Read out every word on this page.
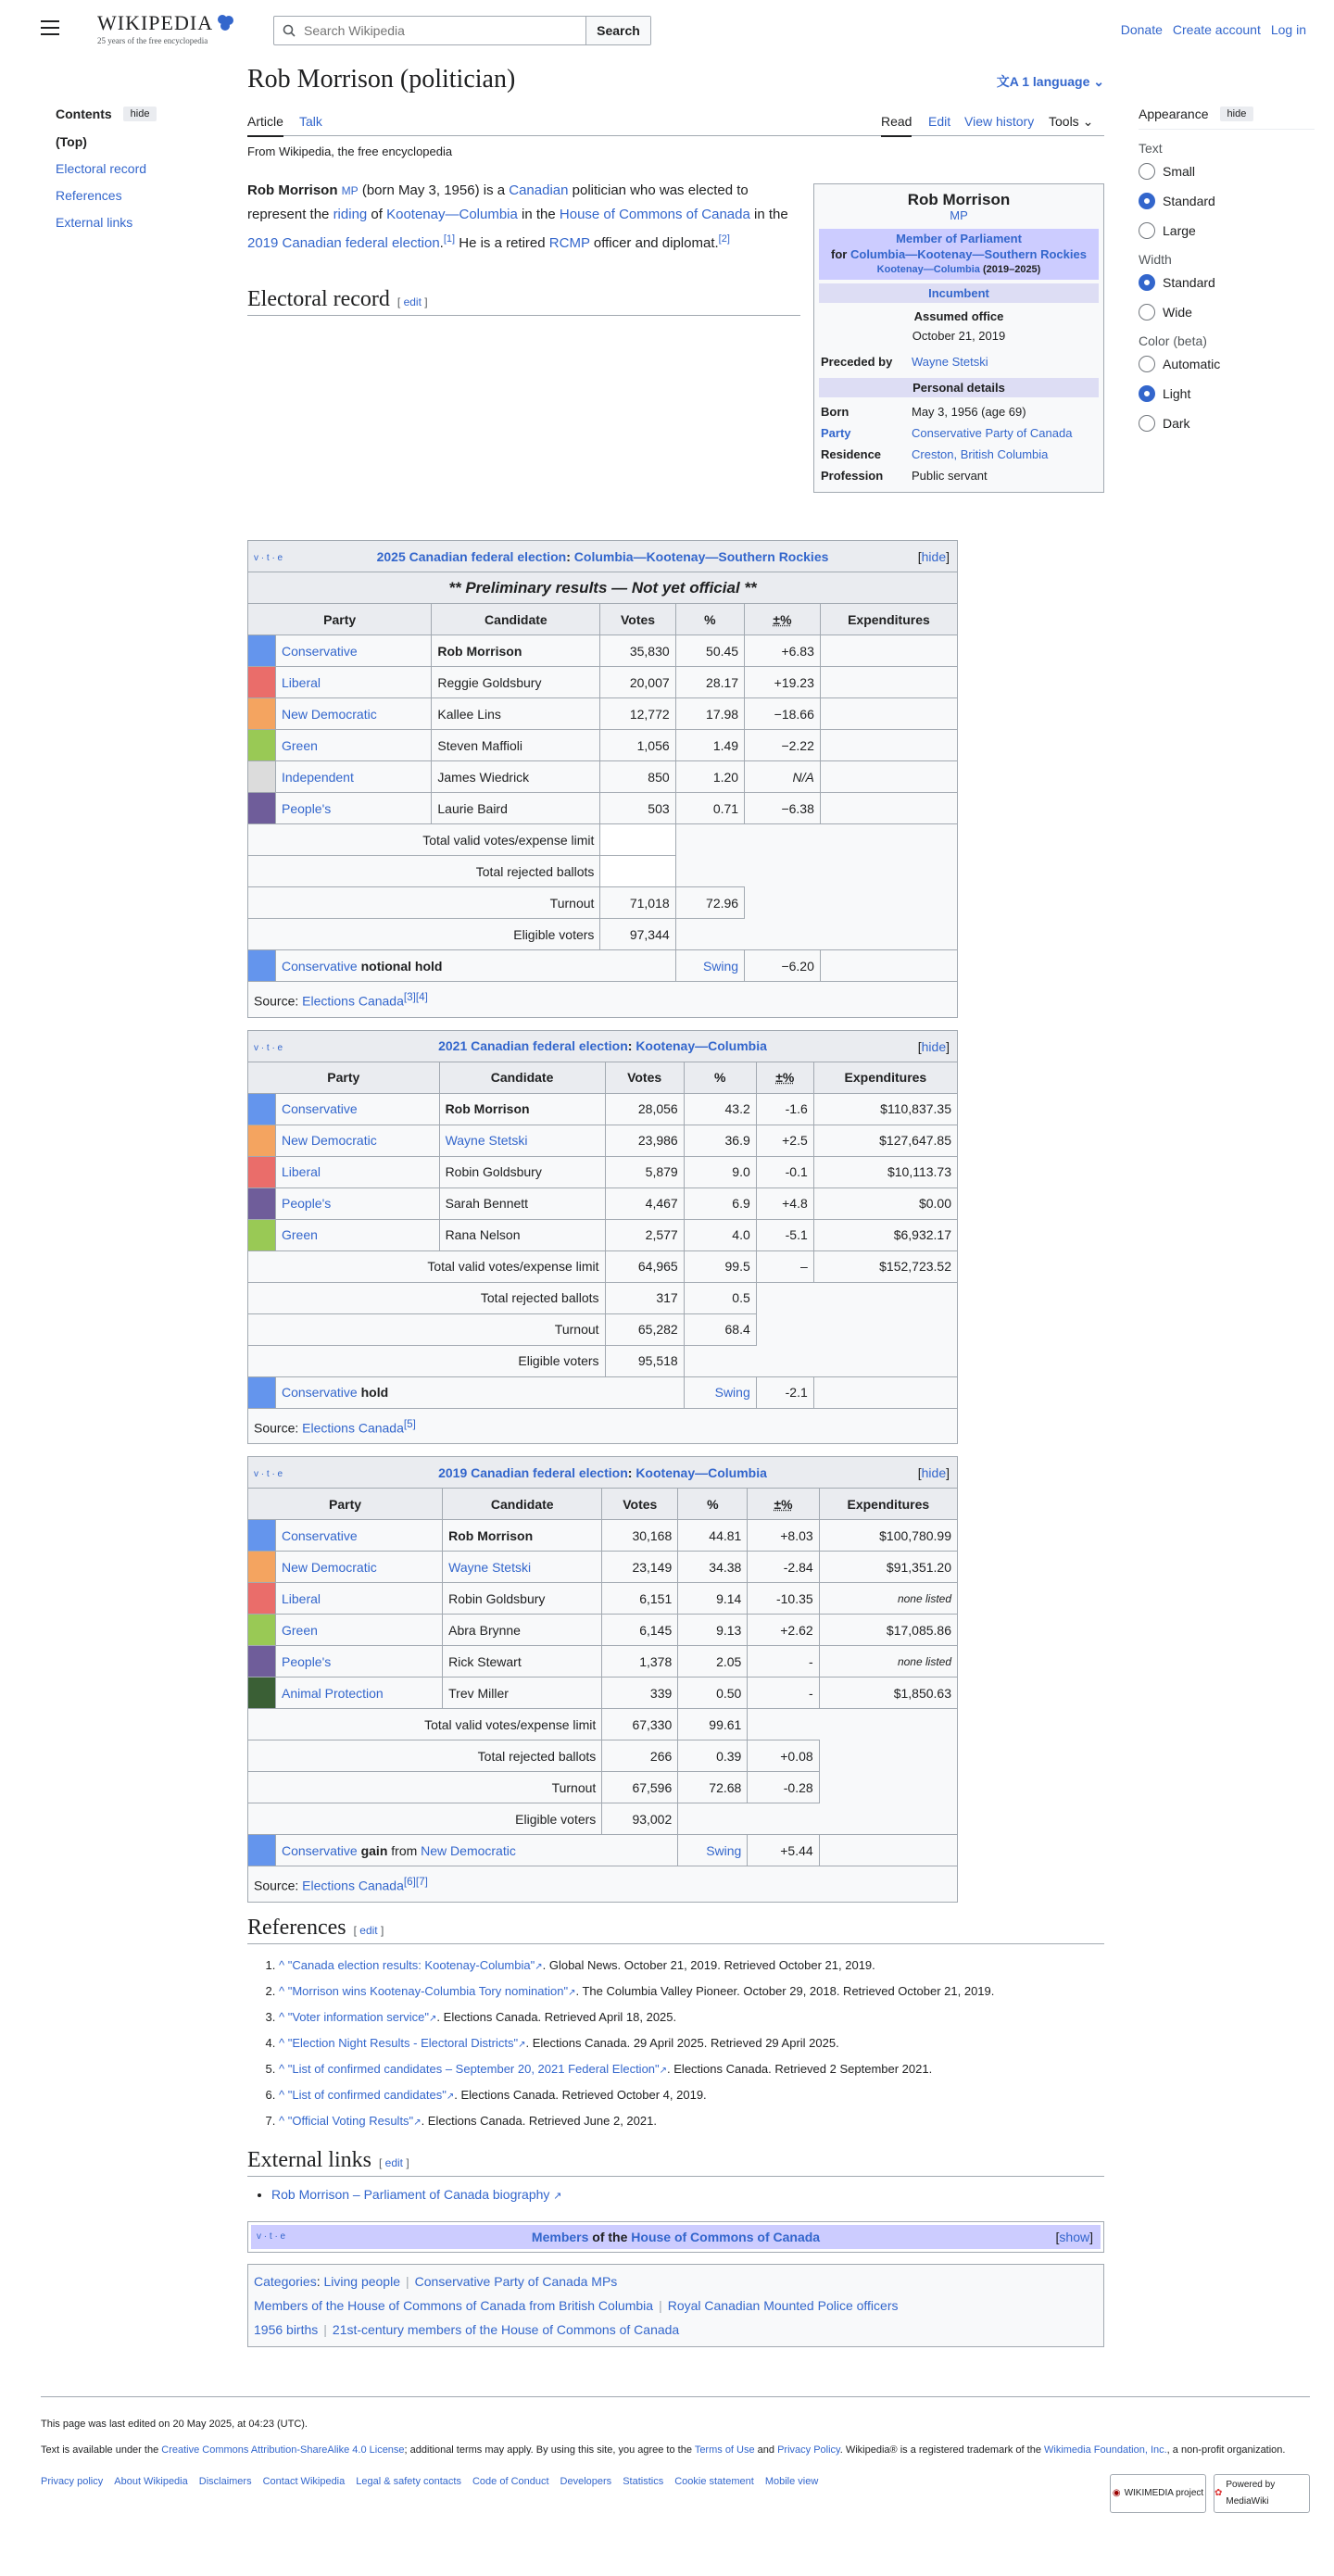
WIKIPEDIA
25 years of the free encyclopedia
Search Wikipedia
Search	Donate Create account Log in
Contents	hide
(Top)
Electoral record
References
External links
Rob Morrison (politician)	文A 1 language ⌄
Article Talk	Read Edit View history Tools ⌄
From Wikipedia, the free encyclopedia
Rob Morrison
MP
Member of Parliament
for Columbia—Kootenay—Southern Rockies
Kootenay—Columbia (2019–2025)
Incumbent
Assumed office
October 21, 2019
Preceded by	Wayne Stetski
Personal details
Born	May 3, 1956 (age 69)
Party	Conservative Party of Canada
Residence	Creston, British Columbia
Profession	Public servant

Rob Morrison MP (born May 3, 1956) is a Canadian politician who was elected to represent the riding of Kootenay—Columbia in the House of Commons of Canada in the 2019 Canadian federal election.[1] He is a retired RCMP officer and diplomat.[2]

Electoral record [ edit ]
v · t · e 2025 Canadian federal election: Columbia—Kootenay—Southern Rockies [hide]						

** Preliminary results — Not yet official **						
Party		Candidate	Votes	%	±%	Expenditures
	Conservative	Rob Morrison	35,830	50.45	+6.83	
	Liberal	Reggie Goldsbury	20,007	28.17	+19.23	
	New Democratic	Kallee Lins	12,772	17.98	−18.66	
	Green	Steven Maffioli	1,056	1.49	−2.22	
	Independent	James Wiedrick	850	1.20	N/A	
	People's	Laurie Baird	503	0.71	−6.38	
Total valid votes/expense limit						
Total rejected ballots						
Turnout			71,018	72.96		
Eligible voters			97,344			
	Conservative notional hold			Swing	−6.20	
Source: Elections Canada[3][4]
v · t · e 2021 Canadian federal election: Kootenay—Columbia [hide]						

Party		Candidate	Votes	%	±%	Expenditures
	Conservative	Rob Morrison	28,056	43.2	-1.6	$110,837.35
	New Democratic	Wayne Stetski	23,986	36.9	+2.5	$127,647.85
	Liberal	Robin Goldsbury	5,879	9.0	-0.1	$10,113.73
	People's	Sarah Bennett	4,467	6.9	+4.8	$0.00
	Green	Rana Nelson	2,577	4.0	-5.1	$6,932.17
Total valid votes/expense limit			64,965	99.5	–	$152,723.52
Total rejected ballots			317	0.5		
Turnout			65,282	68.4		
Eligible voters			95,518			
	Conservative hold			Swing	-2.1	
Source: Elections Canada[5]
v · t · e 2019 Canadian federal election: Kootenay—Columbia [hide]						

Party		Candidate	Votes	%	±%	Expenditures
	Conservative	Rob Morrison	30,168	44.81	+8.03	$100,780.99
	New Democratic	Wayne Stetski	23,149	34.38	-2.84	$91,351.20
	Liberal	Robin Goldsbury	6,151	9.14	-10.35	none listed
	Green	Abra Brynne	6,145	9.13	+2.62	$17,085.86
	People's	Rick Stewart	1,378	2.05	-	none listed
	Animal Protection	Trev Miller	339	0.50	-	$1,850.63
Total valid votes/expense limit			67,330	99.61		
Total rejected ballots			266	0.39	+0.08	
Turnout			67,596	72.68	-0.28	
Eligible voters			93,002			
	Conservative gain from New Democratic			Swing	+5.44	
Source: Elections Canada[6][7]
References [ edit ]
1. ^ "Canada election results: Kootenay-Columbia"↗. Global News. October 21, 2019. Retrieved October 21, 2019.
2. ^ "Morrison wins Kootenay-Columbia Tory nomination"↗. The Columbia Valley Pioneer. October 29, 2018. Retrieved October 21, 2019.
3. ^ "Voter information service"↗. Elections Canada. Retrieved April 18, 2025.
4. ^ "Election Night Results - Electoral Districts"↗. Elections Canada. 29 April 2025. Retrieved 29 April 2025.
5. ^ "List of confirmed candidates – September 20, 2021 Federal Election"↗. Elections Canada. Retrieved 2 September 2021.
6. ^ "List of confirmed candidates"↗. Elections Canada. Retrieved October 4, 2019.
7. ^ "Official Voting Results"↗. Elections Canada. Retrieved June 2, 2021.
External links [ edit ]
• Rob Morrison – Parliament of Canada biography ↗
v · t · e	Members of the House of Commons of Canada	[show]
Categories: Living people | Conservative Party of Canada MPs
Members of the House of Commons of Canada from British Columbia | Royal Canadian Mounted Police officers
1956 births | 21st-century members of the House of Commons of Canada
Appearance	hide
Text
Small
Standard
Large
Width
Standard
Wide
Color (beta)
Automatic
Light
Dark
This page was last edited on 20 May 2025, at 04:23 (UTC).
Text is available under the Creative Commons Attribution-ShareAlike 4.0 License; additional terms may apply. By using this site, you agree to the Terms of Use and Privacy Policy. Wikipedia® is a registered trademark of the Wikimedia Foundation, Inc., a non-profit organization.
Privacy policy About Wikipedia Disclaimers Contact Wikipedia Legal & safety contacts Code of Conduct Developers Statistics Cookie statement Mobile view
◉ WIKIMEDIA project ✿
Powered by MediaWiki
